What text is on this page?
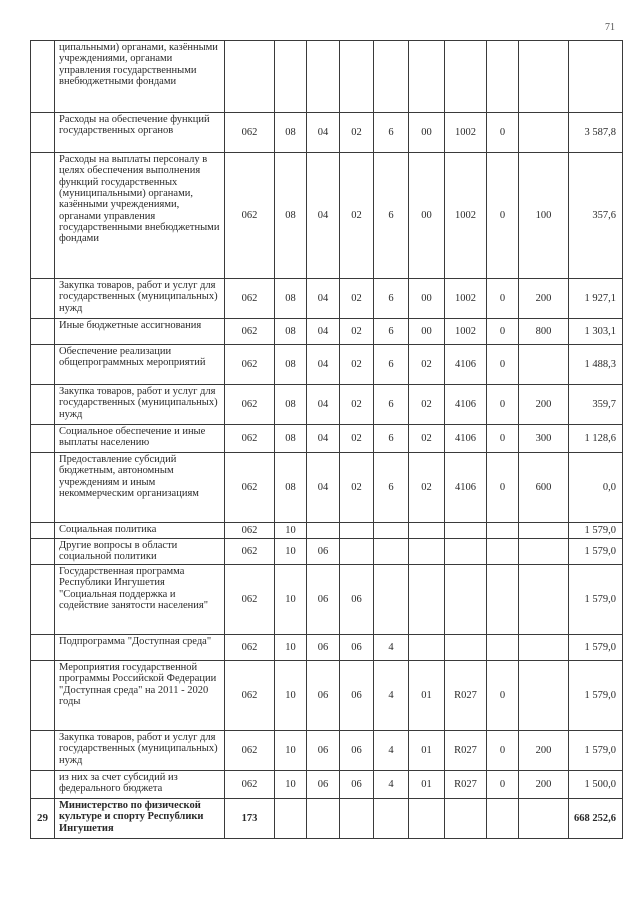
71
	ципальными) органами, казёнными учреждениями, органами управления государственными внебюджетными фондами										
	Расходы на обеспечение функций государственных органов	062	08	04	02	6	00	1002	0		3 587,8
	Расходы на выплаты персоналу в целях обеспечения выполнения функций государственных (муниципальными) органами, казёнными учреждениями, органами управления государственными внебюджетными фондами	062	08	04	02	6	00	1002	0	100	357,6
	Закупка товаров, работ и услуг для государственных (муниципальных) нужд	062	08	04	02	6	00	1002	0	200	1 927,1
	Иные бюджетные ассигнования	062	08	04	02	6	00	1002	0	800	1 303,1
	Обеспечение реализации общепрограммных мероприятий	062	08	04	02	6	02	4106	0		1 488,3
	Закупка товаров, работ и услуг для государственных (муниципальных) нужд	062	08	04	02	6	02	4106	0	200	359,7
	Социальное обеспечение и иные выплаты населению	062	08	04	02	6	02	4106	0	300	1 128,6
	Предоставление субсидий бюджетным, автономным учреждениям и иным некоммерческим организациям	062	08	04	02	6	02	4106	0	600	0,0
	Социальная политика	062	10								1 579,0
	Другие вопросы в области социальной политики	062	10	06							1 579,0
	Государственная программа Республики Ингушетия "Социальная поддержка и содействие занятости населения"	062	10	06	06						1 579,0
	Подпрограмма "Доступная среда"	062	10	06	06	4					1 579,0
	Мероприятия государственной программы Российской Федерации "Доступная среда" на 2011 - 2020 годы	062	10	06	06	4	01	R027	0		1 579,0
	Закупка товаров, работ и услуг для государственных (муниципальных) нужд	062	10	06	06	4	01	R027	0	200	1 579,0
	из них за счет субсидий из федерального бюджета	062	10	06	06	4	01	R027	0	200	1 500,0
29	Министерство по физической культуре и спорту Республики Ингушетия	173									668 252,6
